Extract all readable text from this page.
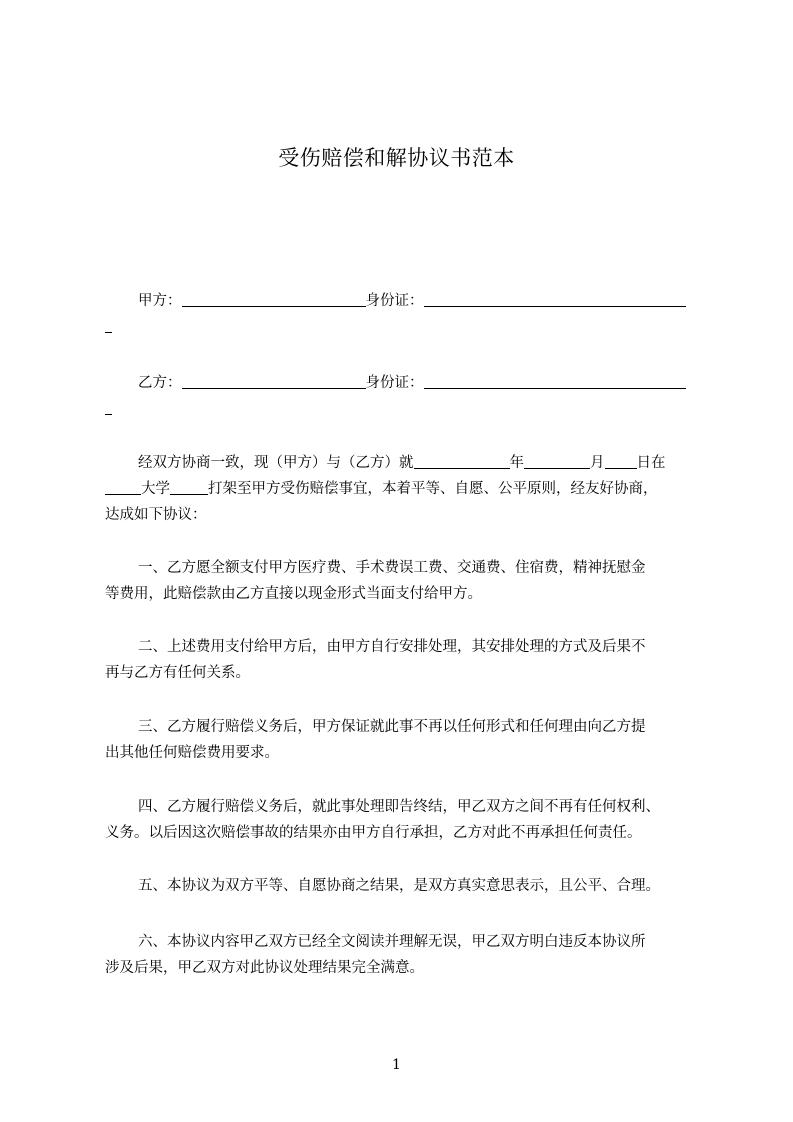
受伤赔偿和解协议书范本
甲方：	身份证：
乙方：	身份证：
经双方协商一致，现（甲方）与（乙方）就	年	月 日在
大学	打架至甲方受伤赔偿事宜，本着平等、自愿、公平原则，经友好协商，
达成如下协议：
一、乙方愿全额支付甲方医疗费、手术费误工费、交通费、住宿费，精神抚慰金
等费用，此赔偿款由乙方直接以现金形式当面支付给甲方。
二、上述费用支付给甲方后，由甲方自行安排处理，其安排处理的方式及后果不
再与乙方有任何关系。
三、乙方履行赔偿义务后，甲方保证就此事不再以任何形式和任何理由向乙方提
出其他任何赔偿费用要求。
四、乙方履行赔偿义务后，就此事处理即告终结，甲乙双方之间不再有任何权利、
义务。以后因这次赔偿事故的结果亦由甲方自行承担，乙方对此不再承担任何责任。
五、本协议为双方平等、自愿协商之结果，是双方真实意思表示，且公平、合理。
六、本协议内容甲乙双方已经全文阅读并理解无误，甲乙双方明白违反本协议所
涉及后果，甲乙双方对此协议处理结果完全满意。
1
